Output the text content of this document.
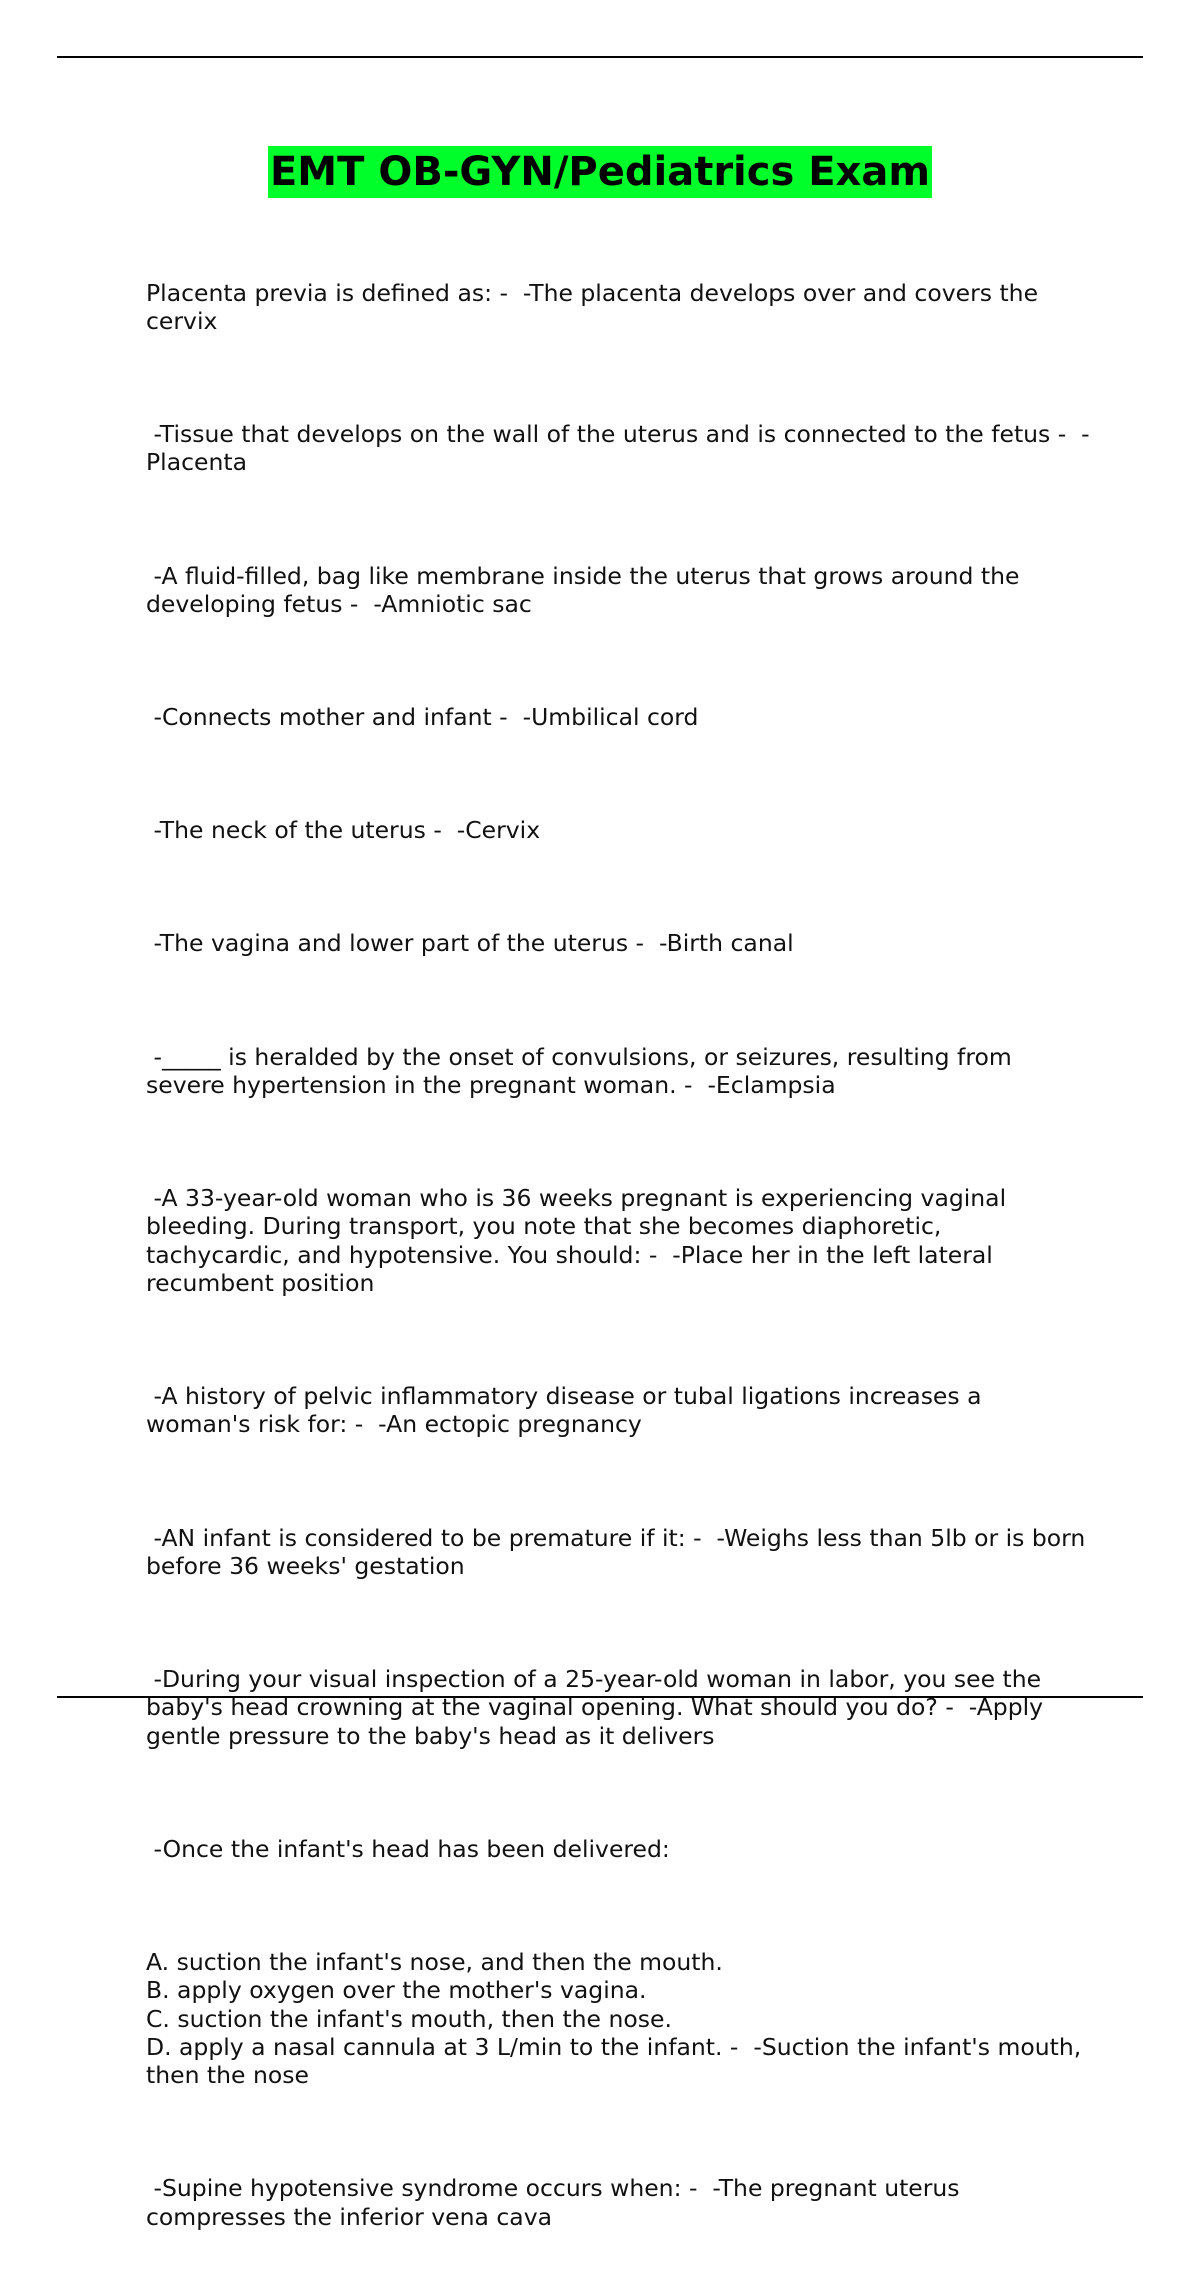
EMT OB-GYN/Pediatrics Exam

Placenta previa is defined as: -  -The placenta develops over and covers the cervix

-Tissue that develops on the wall of the uterus and is connected to the fetus -  -Placenta

-A fluid-filled, bag like membrane inside the uterus that grows around the developing fetus -  -Amniotic sac

-Connects mother and infant -  -Umbilical cord

-The neck of the uterus -  -Cervix

-The vagina and lower part of the uterus -  -Birth canal

-_____ is heralded by the onset of convulsions, or seizures, resulting from severe hypertension in the pregnant woman. -  -Eclampsia

-A 33-year-old woman who is 36 weeks pregnant is experiencing vaginal bleeding. During transport, you note that she becomes diaphoretic, tachycardic, and hypotensive. You should: -  -Place her in the left lateral recumbent position

-A history of pelvic inflammatory disease or tubal ligations increases a woman's risk for: -  -An ectopic pregnancy

-AN infant is considered to be premature if it: -  -Weighs less than 5lb or is born before 36 weeks' gestation

-During your visual inspection of a 25-year-old woman in labor, you see the baby's head crowning at the vaginal opening. What should you do? -  -Apply gentle pressure to the baby's head as it delivers

-Once the infant's head has been delivered:

A. suction the infant's nose, and then the mouth.
B. apply oxygen over the mother's vagina.
C. suction the infant's mouth, then the nose.
D. apply a nasal cannula at 3 L/min to the infant. -  -Suction the infant's mouth, then the nose

-Supine hypotensive syndrome occurs when: -  -The pregnant uterus compresses the inferior vena cava
